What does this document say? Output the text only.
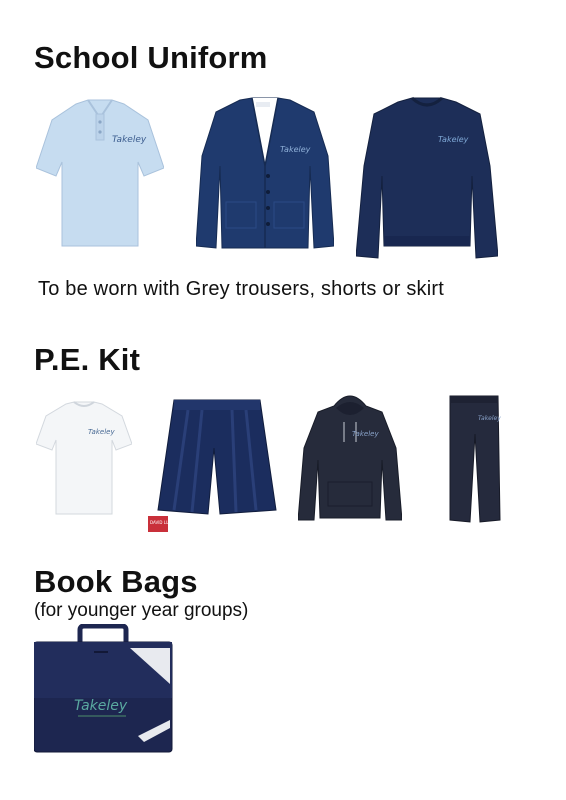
School Uniform
Takeley
Takeley
Takeley
To be worn with Grey trousers, shorts or skirt
P.E. Kit
Takeley
DAVID LUKE
Takeley
Takeley
Book Bags
(for younger year groups)
Takeley
